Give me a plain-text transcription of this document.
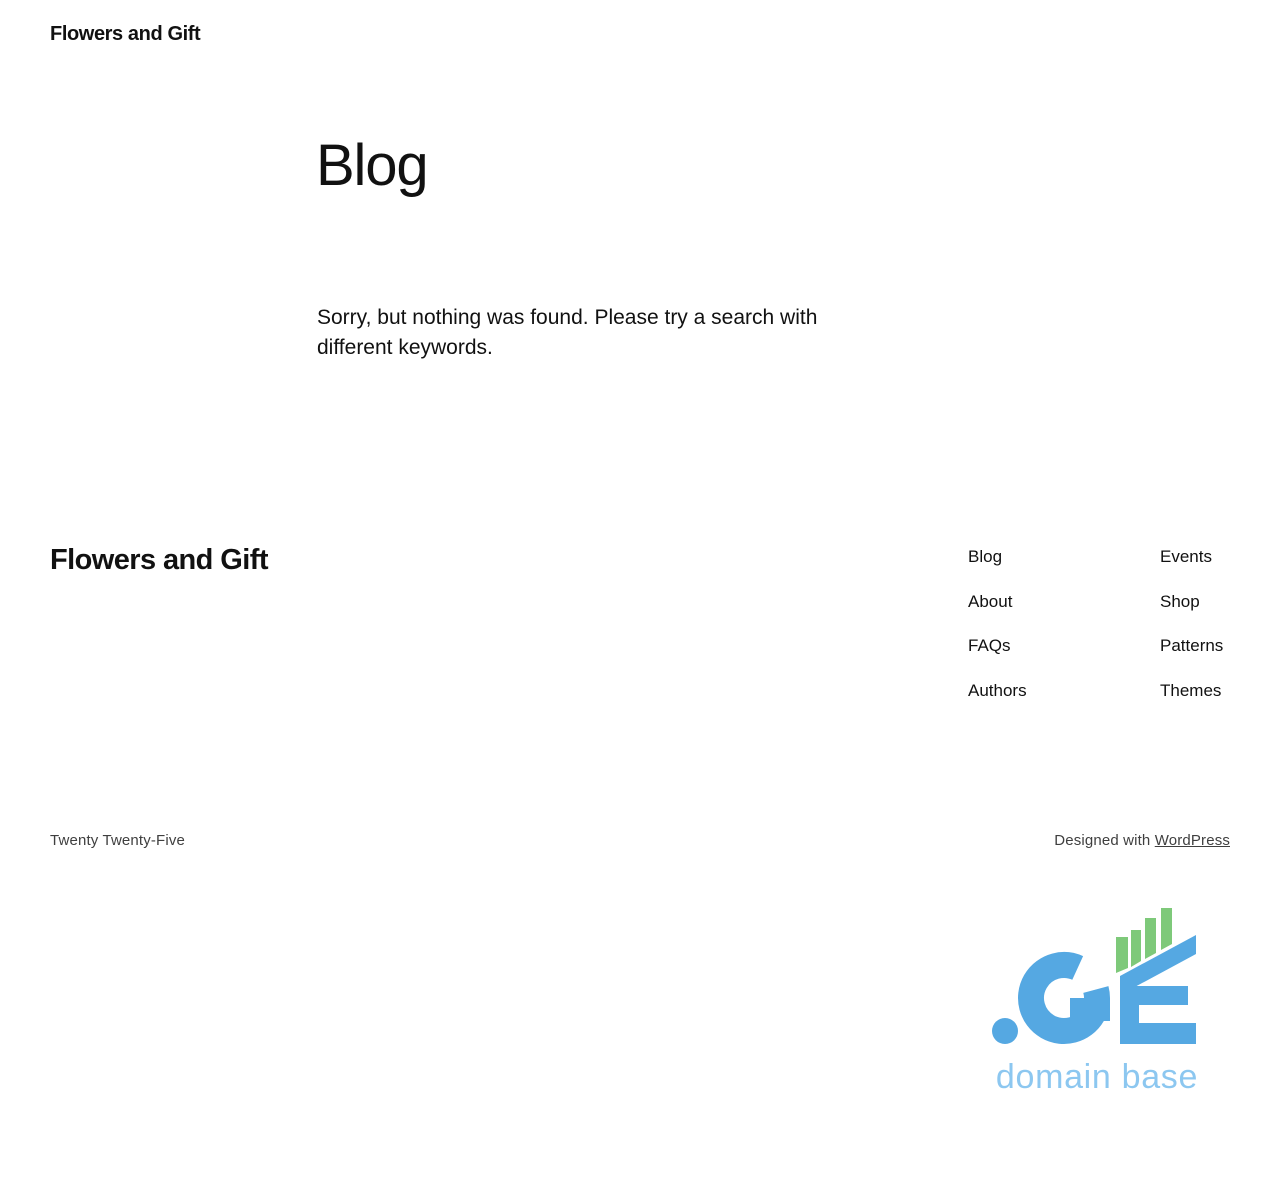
Flowers and Gift
Blog

Sorry, but nothing was found. Please try a search with different keywords.

Flowers and Gift	Blog
About
FAQs
Authors
Events
Shop
Patterns
Themes
Twenty Twenty-Five	Designed with WordPress
domain base
